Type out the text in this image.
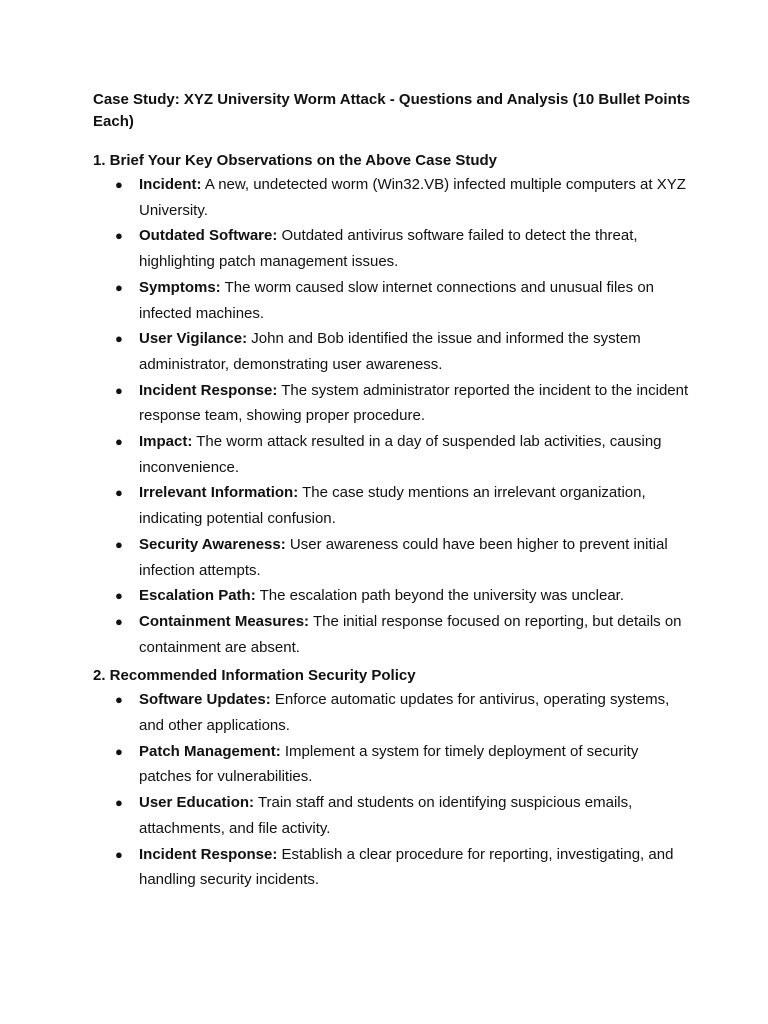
Case Study: XYZ University Worm Attack - Questions and Analysis (10 Bullet Points Each)

1. Brief Your Key Observations on the Above Case Study

● Incident: A new, undetected worm (Win32.VB) infected multiple computers at XYZ University.
● Outdated Software: Outdated antivirus software failed to detect the threat, highlighting patch management issues.
● Symptoms: The worm caused slow internet connections and unusual files on infected machines.
● User Vigilance: John and Bob identified the issue and informed the system administrator, demonstrating user awareness.
● Incident Response: The system administrator reported the incident to the incident response team, showing proper procedure.
● Impact: The worm attack resulted in a day of suspended lab activities, causing inconvenience.
● Irrelevant Information: The case study mentions an irrelevant organization, indicating potential confusion.
● Security Awareness: User awareness could have been higher to prevent initial infection attempts.
● Escalation Path: The escalation path beyond the university was unclear.
● Containment Measures: The initial response focused on reporting, but details on containment are absent.

2. Recommended Information Security Policy

● Software Updates: Enforce automatic updates for antivirus, operating systems, and other applications.
● Patch Management: Implement a system for timely deployment of security patches for vulnerabilities.
● User Education: Train staff and students on identifying suspicious emails, attachments, and file activity.
● Incident Response: Establish a clear procedure for reporting, investigating, and handling security incidents.
